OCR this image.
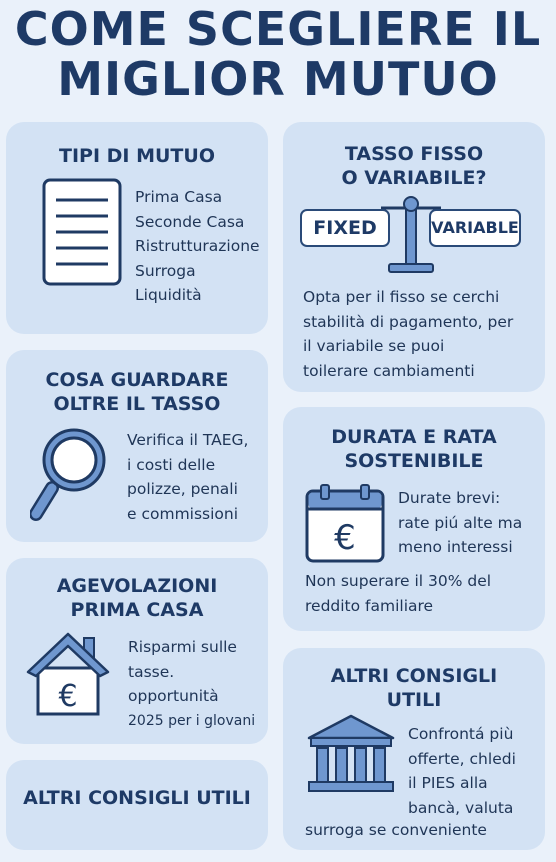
COME SCEGLIERE IL
MIGLIOR MUTUO
TIPI DI MUTUO
Prima Casa
Seconde Casa
Ristrutturazione
Surroga
Liquidità
TASSO FISSO
O VARIABILE?
FIXED	VARIABLE
Opta per il fisso se cerchi
stabilità di pagamento, per
il variabile se puoi
toilerare cambiamenti
COSA GUARDARE
OLTRE IL TASSO
Verifica il TAEG,
i costi delle
polizze, penali
e commissioni
DURATA E RATA
SOSTENIBILE
€
Durate brevi:
rate piú alte ma
meno interessi
Non superare il 30% del
reddito familiare
AGEVOLAZIONI
PRIMA CASA
€
Risparmi sulle
tasse.
opportunità
2025 per i glovani
ALTRI CONSIGLI UTILI
ALTRI CONSIGLI
UTILI
Confrontá più
offerte, chledi
il PIES alla
bancà, valuta
surroga se conveniente
